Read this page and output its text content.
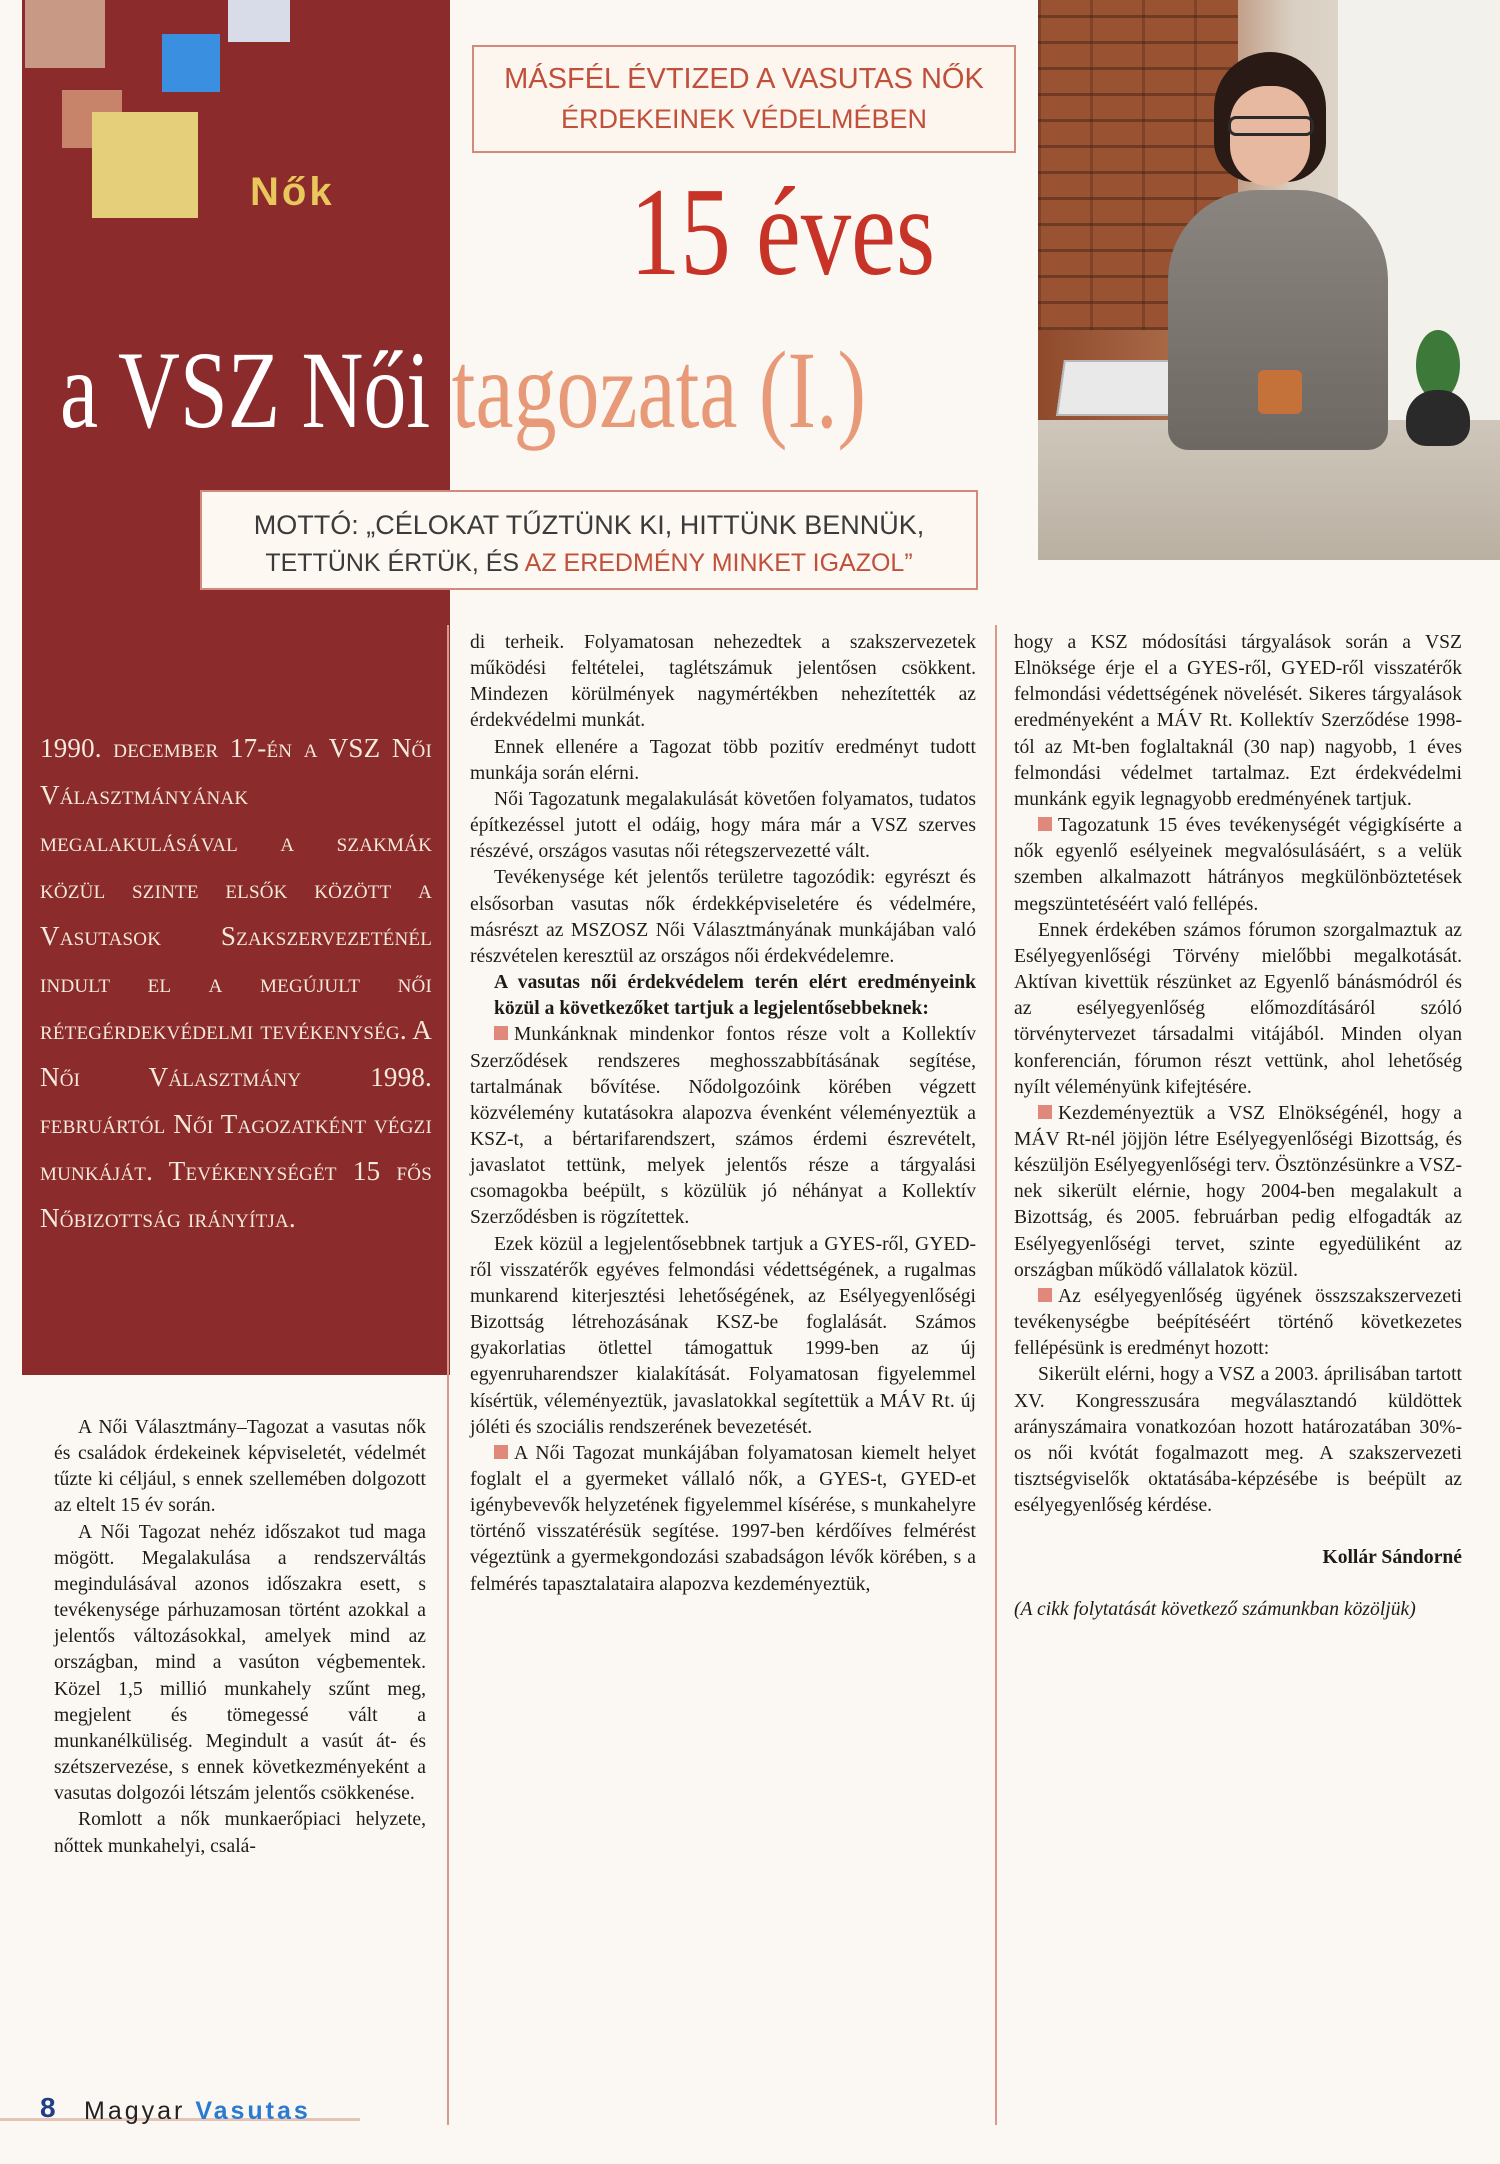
Nők
MÁSFÉL ÉVTIZED A VASUTAS NŐK
ÉRDEKEINEK VÉDELMÉBEN
15 éves
a VSZ Női tagozata (I.)
MOTTÓ: „CÉLOKAT TŰZTÜNK KI, HITTÜNK BENNÜK,
TETTÜNK ÉRTÜK, ÉS AZ EREDMÉNY MINKET IGAZOL”
1990. december 17-én a VSZ Női Választmányának megalakulásával a szakmák közül szinte elsők között a Vasutasok Szakszervezeténél indult el a megújult női rétegérdekvédelmi tevékenység. A Női Választmány 1998. februártól Női Tagozatként végzi munkáját. Tevékenységét 15 fős Nőbizottság irányítja.

A Női Választmány–Tagozat a vasutas nők és családok érdekeinek képviseletét, védelmét tűzte ki céljául, s ennek szellemében dolgozott az eltelt 15 év során.

A Női Tagozat nehéz időszakot tud maga mögött. Megalakulása a rendszerváltás megindulásával azonos időszakra esett, s tevékenysége párhuzamosan történt azokkal a jelentős változásokkal, amelyek mind az országban, mind a vasúton végbementek. Közel 1,5 millió munkahely szűnt meg, megjelent és tömegessé vált a munkanélküliség. Megindult a vasút át- és szétszervezése, s ennek következményeként a vasutas dolgozói létszám jelentős csökkenése.

Romlott a nők munkaerőpiaci helyzete, nőttek munkahelyi, csalá-

di terheik. Folyamatosan nehezedtek a szakszervezetek működési feltételei, taglétszámuk jelentősen csökkent. Mindezen körülmények nagymértékben nehezítették az érdekvédelmi munkát.

Ennek ellenére a Tagozat több pozitív eredményt tudott munkája során elérni.

Női Tagozatunk megalakulását követően folyamatos, tudatos építkezéssel jutott el odáig, hogy mára már a VSZ szerves részévé, országos vasutas női rétegszervezetté vált.

Tevékenysége két jelentős területre tagozódik: egyrészt és elsősorban vasutas nők érdekképviseletére és védelmére, másrészt az MSZOSZ Női Választmányának munkájában való részvételen keresztül az országos női érdekvédelemre.

A vasutas női érdekvédelem terén elért eredményeink közül a következőket tartjuk a legjelentősebbeknek:

Munkánknak mindenkor fontos része volt a Kollektív Szerződések rendszeres meghosszabbításának segítése, tartalmának bővítése. Nődolgozóink körében végzett közvélemény kutatásokra alapozva évenként véleményeztük a KSZ-t, a bértarifarendszert, számos érdemi észrevételt, javaslatot tettünk, melyek jelentős része a tárgyalási csomagokba beépült, s közülük jó néhányat a Kollektív Szerződésben is rögzítettek.

Ezek közül a legjelentősebbnek tartjuk a GYES-ről, GYED-ről visszatérők egyéves felmondási védettségének, a rugalmas munkarend kiterjesztési lehetőségének, az Esélyegyenlőségi Bizottság létrehozásának KSZ-be foglalását. Számos gyakorlatias ötlettel támogattuk 1999-ben az új egyenruharendszer kialakítását. Folyamatosan figyelemmel kísértük, véleményeztük, javaslatokkal segítettük a MÁV Rt. új jóléti és szociális rendszerének bevezetését.

A Női Tagozat munkájában folyamatosan kiemelt helyet foglalt el a gyermeket vállaló nők, a GYES-t, GYED-et igénybevevők helyzetének figyelemmel kísérése, s munkahelyre történő visszatérésük segítése. 1997-ben kérdőíves felmérést végeztünk a gyermekgondozási szabadságon lévők körében, s a felmérés tapasztalataira alapozva kezdeményeztük,

hogy a KSZ módosítási tárgyalások során a VSZ Elnöksége érje el a GYES-ről, GYED-ről visszatérők felmondási védettségének növelését. Sikeres tárgyalások eredményeként a MÁV Rt. Kollektív Szerződése 1998-tól az Mt-ben foglaltaknál (30 nap) nagyobb, 1 éves felmondási védelmet tartalmaz. Ezt érdekvédelmi munkánk egyik legnagyobb eredményének tartjuk.

Tagozatunk 15 éves tevékenységét végigkísérte a nők egyenlő esélyeinek megvalósulásáért, s a velük szemben alkalmazott hátrányos megkülönböztetések megszüntetéséért való fellépés.

Ennek érdekében számos fórumon szorgalmaztuk az Esélyegyenlőségi Törvény mielőbbi megalkotását. Aktívan kivettük részünket az Egyenlő bánásmódról és az esélyegyenlőség előmozdításáról szóló törvénytervezet társadalmi vitájából. Minden olyan konferencián, fórumon részt vettünk, ahol lehetőség nyílt véleményünk kifejtésére.

Kezdeményeztük a VSZ Elnökségénél, hogy a MÁV Rt-nél jöjjön létre Esélyegyenlőségi Bizottság, és készüljön Esélyegyenlőségi terv. Ösztönzésünkre a VSZ-nek sikerült elérnie, hogy 2004-ben megalakult a Bizottság, és 2005. februárban pedig elfogadták az Esélyegyenlőségi tervet, szinte egyedüliként az országban működő vállalatok közül.

Az esélyegyenlőség ügyének összszakszervezeti tevékenységbe beépítéséért történő következetes fellépésünk is eredményt hozott:

Sikerült elérni, hogy a VSZ a 2003. áprilisában tartott XV. Kongresszusára megválasztandó küldöttek arányszámaira vonatkozóan hozott határozatában 30%-os női kvótát fogalmazott meg. A szakszervezeti tisztségviselők oktatásába-képzésébe is beépült az esélyegyenlőség kérdése.

Kollár Sándorné

(A cikk folytatását következő számunkban közöljük)

8 Magyar Vasutas
